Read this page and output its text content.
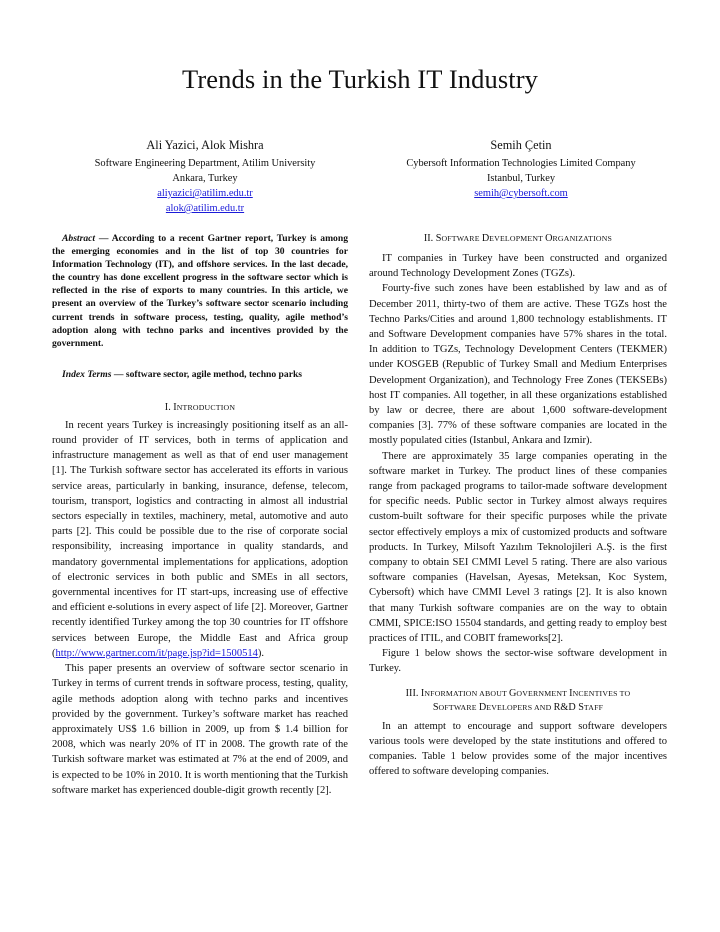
Trends in the Turkish IT Industry
Ali Yazici, Alok Mishra
Software Engineering Department, Atilim University
Ankara, Turkey
aliyazici@atilim.edu.tr
alok@atilim.edu.tr
Semih Çetin
Cybersoft Information Technologies Limited Company
Istanbul, Turkey
semih@cybersoft.com

Abstract — According to a recent Gartner report, Turkey is among the emerging economies and in the list of top 30 countries for Information Technology (IT), and offshore services. In the last decade, the country has done excellent progress in the software sector which is reflected in the rise of exports to many countries. In this article, we present an overview of the Turkey’s software sector scenario including current trends in software process, testing, quality, agile method’s adoption along with techno parks and incentives provided by the government.

Index Terms — software sector, agile method, techno parks

I. INTRODUCTION

In recent years Turkey is increasingly positioning itself as an all-round provider of IT services, both in terms of application and infrastructure management as well as that of end user management [1]. The Turkish software sector has accelerated its efforts in various service areas, particularly in banking, insurance, defense, telecom, tourism, transport, logistics and contracting in almost all industrial sectors especially in textiles, machinery, metal, automotive and auto parts [2]. This could be possible due to the rise of corporate social responsibility, increasing importance in quality standards, and mandatory governmental implementations for applications, adoption of electronic services in both public and SMEs in all sectors, governmental incentives for IT start-ups, increasing use of effective and efficient e-solutions in every aspect of life [2]. Moreover, Gartner recently identified Turkey among the top 30 countries for IT offshore services between Europe, the Middle East and Africa group (http://www.gartner.com/it/page.jsp?id=1500514).

This paper presents an overview of software sector scenario in Turkey in terms of current trends in software process, testing, quality, agile methods adoption along with techno parks and incentives provided by the government. Turkey’s software market has reached approximately US$ 1.6 billion in 2009, up from $ 1.4 billion for 2008, which was nearly 20% of IT in 2008. The growth rate of the Turkish software market was estimated at 7% at the end of 2009, and is expected to be 10% in 2010. It is worth mentioning that the Turkish software market has experienced double-digit growth recently [2].

II. SOFTWARE DEVELOPMENT ORGANIZATIONS

IT companies in Turkey have been constructed and organized around Technology Development Zones (TGZs).

Fourty-five such zones have been established by law and as of December 2011, thirty-two of them are active. These TGZs host the Techno Parks/Cities and around 1,800 technology establishments. IT and Software Development companies have 57% shares in the total. In addition to TGZs, Technology Development Centers (TEKMER) under KOSGEB (Republic of Turkey Small and Medium Enterprises Development Organization), and Technology Free Zones (TEKSEBs) host IT companies. All together, in all these organizations established by law or decree, there are about 1,600 software-development companies [3]. 77% of these software companies are located in the mostly populated cities (Istanbul, Ankara and Izmir).

There are approximately 35 large companies operating in the software market in Turkey. The product lines of these companies range from packaged programs to tailor-made software development for specific needs. Public sector in Turkey almost always requires custom-built software for their specific purposes while the private sector effectively employs a mix of customized products and software products. In Turkey, Milsoft Yazılım Teknolojileri A.Ş. is the first company to obtain SEI CMMI Level 5 rating. There are also various software companies (Havelsan, Ayesas, Meteksan, Koc System, Cybersoft) which have CMMI Level 3 ratings [2]. It is also known that many Turkish software companies are on the way to obtain CMMI, SPICE:ISO 15504 standards, and getting ready to employ best practices of ITIL, and COBIT frameworks[2].

Figure 1 below shows the sector-wise software development in Turkey.

III. INFORMATION ABOUT GOVERNMENT INCENTIVES TO
SOFTWARE DEVELOPERS AND R&D STAFF

In an attempt to encourage and support software developers various tools were developed by the state institutions and offered to companies. Table 1 below provides some of the major incentives offered to software developing companies.
